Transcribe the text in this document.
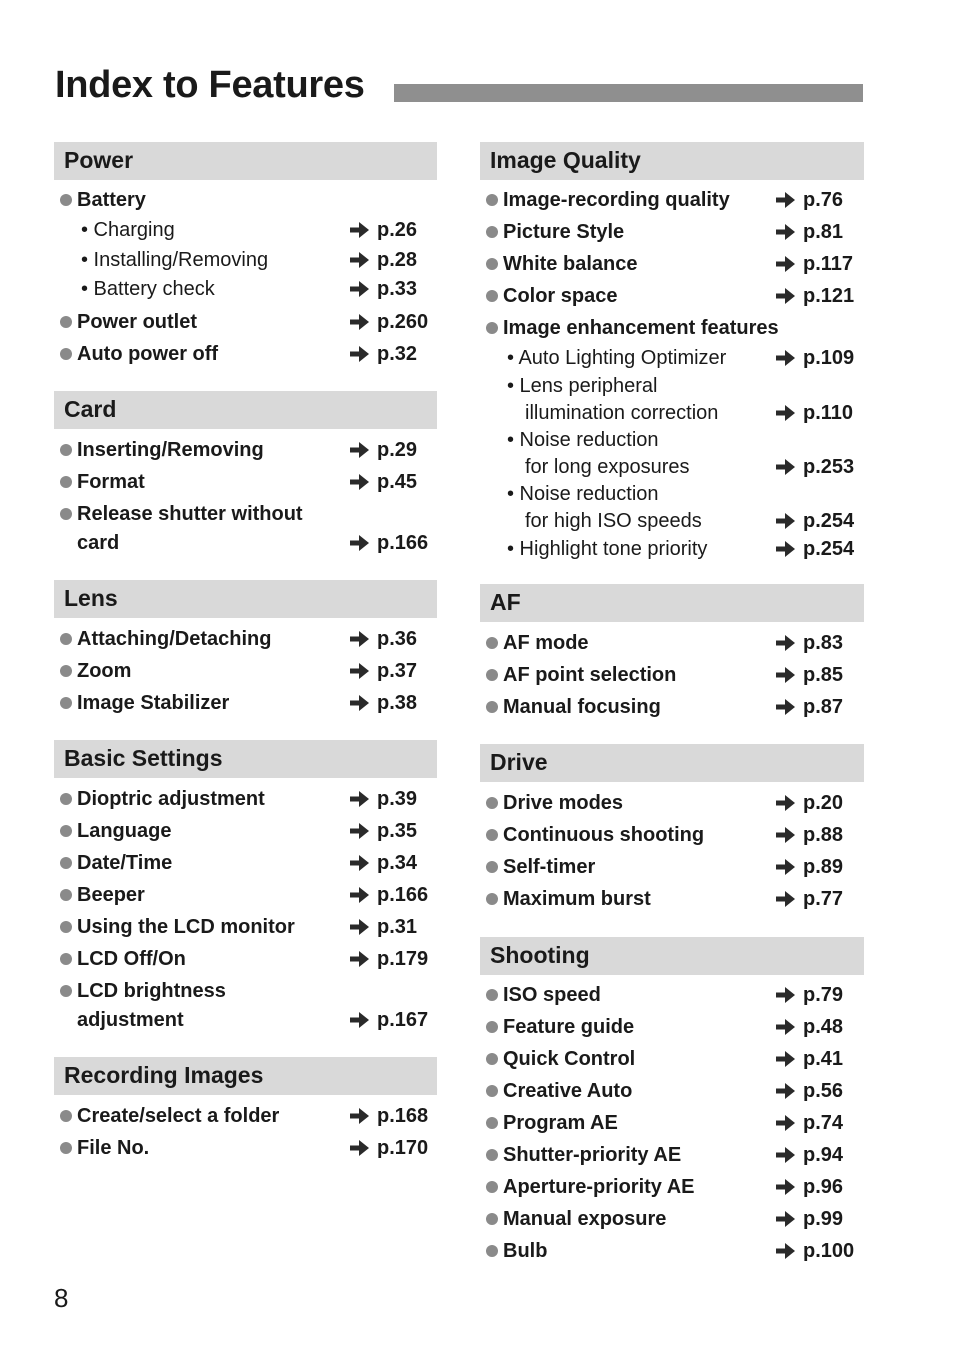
Index to Features
Power
Battery
• Charging	p.26
• Installing/Removing	p.28
• Battery check	p.33
Power outlet	p.260
Auto power off	p.32
Card
Inserting/Removing	p.29
Format	p.45
Release shutter without
card	p.166
Lens
Attaching/Detaching	p.36
Zoom	p.37
Image Stabilizer	p.38
Basic Settings
Dioptric adjustment	p.39
Language	p.35
Date/Time	p.34
Beeper	p.166
Using the LCD monitor	p.31
LCD Off/On	p.179
LCD brightness
adjustment	p.167
Recording Images
Create/select a folder	p.168
File No.	p.170
Image Quality
Image-recording quality	p.76
Picture Style	p.81
White balance	p.117
Color space	p.121
Image enhancement features
• Auto Lighting Optimizer	p.109
• Lens peripheral
illumination correction	p.110
• Noise reduction
for long exposures	p.253
• Noise reduction
for high ISO speeds	p.254
• Highlight tone priority	p.254
AF
AF mode	p.83
AF point selection	p.85
Manual focusing	p.87
Drive
Drive modes	p.20
Continuous shooting	p.88
Self-timer	p.89
Maximum burst	p.77
Shooting
ISO speed	p.79
Feature guide	p.48
Quick Control	p.41
Creative Auto	p.56
Program AE	p.74
Shutter-priority AE	p.94
Aperture-priority AE	p.96
Manual exposure	p.99
Bulb	p.100
8
